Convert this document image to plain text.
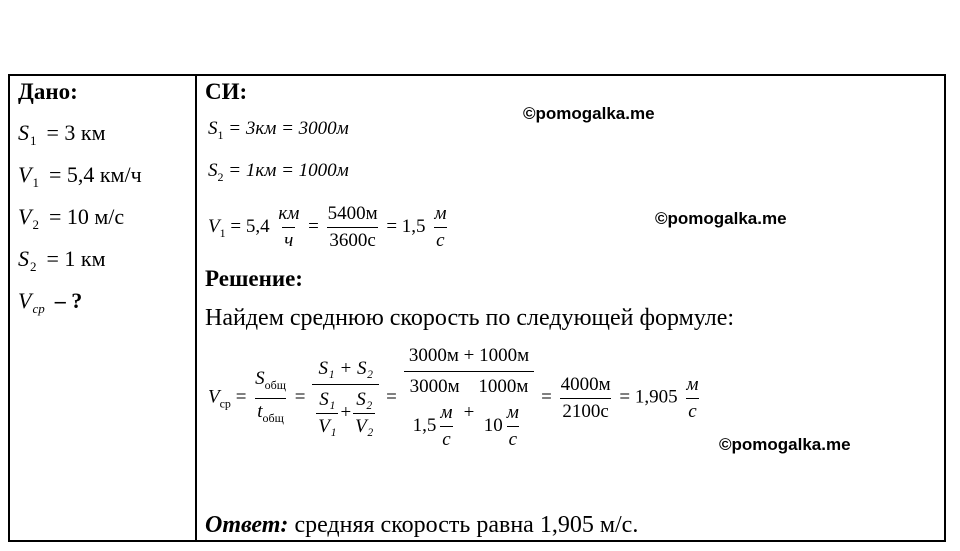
Дано:
$S_1 = 3$ км
$V_1 = 5,4$ км/ч
$V_2 = 10$ м/с
$S_2 = 1$ км
$V_{ср}$ – ?
СИ:
$S_1 = 3км = 3000м$
$S_2 = 1км = 1000м$
$V_1 = 5,4 \frac{км}{ч} = \frac{5400м}{3600с} = 1,5 \frac{м}{с}$
Решение:
Найдем среднюю скорость по следующей формуле:
$V_{ср} = \frac{S_{общ}}{t_{общ}} = \frac{\text{S₁ + S₂}}{\frac{\text{S₁}}{\text{V₁}} + \frac{\text{S₂}}{\text{V₂}}} = 3000м + 1000м$
3000м
$1,5 \frac{м}{с}$ +
1000м
$10 \frac{м}{с} = \frac{4000м}{2100с} = 1,905 \frac{м}{с}$
Ответ: средняя скорость равна 1,905 м/с.
©pomogalka.me
©pomogalka.me
©pomogalka.me
